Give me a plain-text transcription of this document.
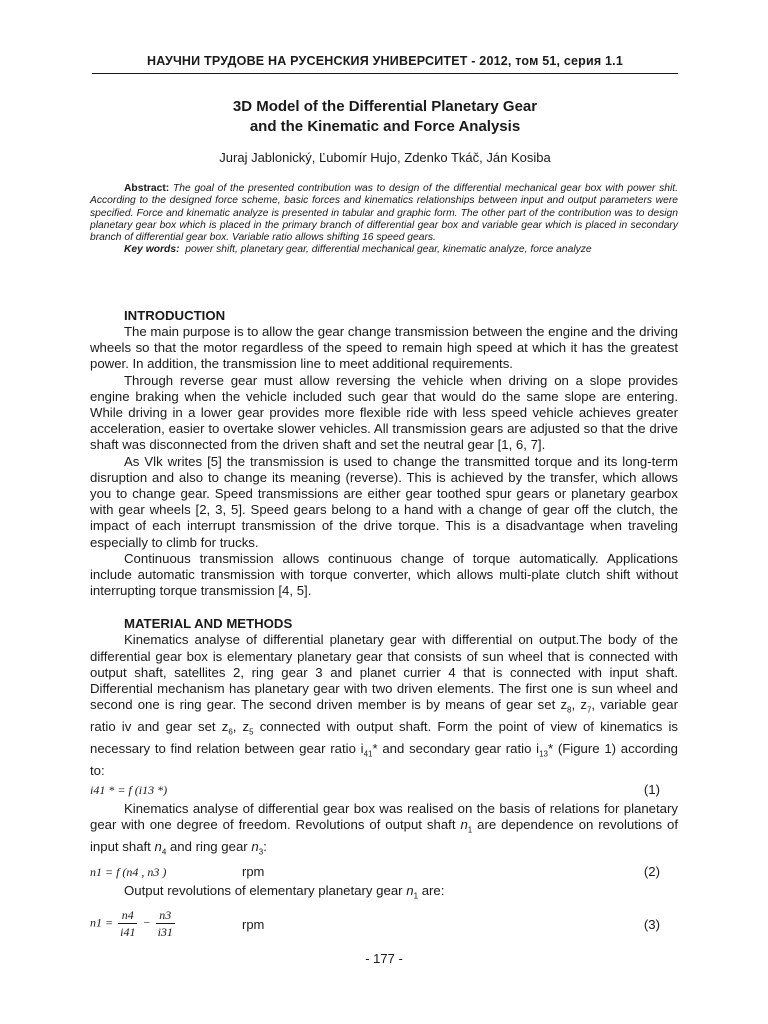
НАУЧНИ ТРУДОВЕ НА РУСЕНСКИЯ УНИВЕРСИТЕТ - 2012, том 51, серия 1.1
3D Model of the Differential Planetary Gear
and the Kinematic and Force Analysis
Juraj Jablonický, Ľubomír Hujo, Zdenko Tkáč, Ján Kosiba

Abstract: The goal of the presented contribution was to design of the differential mechanical gear box with power shit. According to the designed force scheme, basic forces and kinematics relationships between input and output parameters were specified. Force and kinematic analyze is presented in tabular and graphic form. The other part of the contribution was to design planetary gear box which is placed in the primary branch of differential gear box and variable gear which is placed in secondary branch of differential gear box. Variable ratio allows shifting 16 speed gears.

Key words: power shift, planetary gear, differential mechanical gear, kinematic analyze, force analyze

INTRODUCTION

The main purpose is to allow the gear change transmission between the engine and the driving wheels so that the motor regardless of the speed to remain high speed at which it has the greatest power. In addition, the transmission line to meet additional requirements.

Through reverse gear must allow reversing the vehicle when driving on a slope provides engine braking when the vehicle included such gear that would do the same slope are entering. While driving in a lower gear provides more flexible ride with less speed vehicle achieves greater acceleration, easier to overtake slower vehicles. All transmission gears are adjusted so that the drive shaft was disconnected from the driven shaft and set the neutral gear [1, 6, 7].

As Vlk writes [5] the transmission is used to change the transmitted torque and its long-term disruption and also to change its meaning (reverse). This is achieved by the transfer, which allows you to change gear. Speed transmissions are either gear toothed spur gears or planetary gearbox with gear wheels [2, 3, 5]. Speed gears belong to a hand with a change of gear off the clutch, the impact of each interrupt transmission of the drive torque. This is a disadvantage when traveling especially to climb for trucks.

Continuous transmission allows continuous change of torque automatically. Applications include automatic transmission with torque converter, which allows multi-plate clutch shift without interrupting torque transmission [4, 5].

MATERIAL AND METHODS

Kinematics analyse of differential planetary gear with differential on output.The body of the differential gear box is elementary planetary gear that consists of sun wheel that is connected with output shaft, satellites 2, ring gear 3 and planet currier 4 that is connected with input shaft. Differential mechanism has planetary gear with two driven elements. The first one is sun wheel and second one is ring gear. The second driven member is by means of gear set $z_8$, $z_7$, variable gear ratio iv and gear set $z_6$, $z_5$ connected with output shaft. Form the point of view of kinematics is necessary to find relation between gear ratio $i_{41}*$ and secondary gear ratio $i_{13}*$ (Figure 1) according to:

i41 * = f (i13 *)	(1)

Kinematics analyse of differential gear box was realised on the basis of relations for planetary gear with one degree of freedom. Revolutions of output shaft $n_1$ are dependence on revolutions of input shaft $n_4$ and ring gear $n_3$:

n1 = f (n4 , n3 )	rpm	(2)

Output revolutions of elementary planetary gear $n_1$ are:

$n1 = \frac{n4}{i41} - \frac{n3}{i31}$	rpm	(3)
- 177 -
